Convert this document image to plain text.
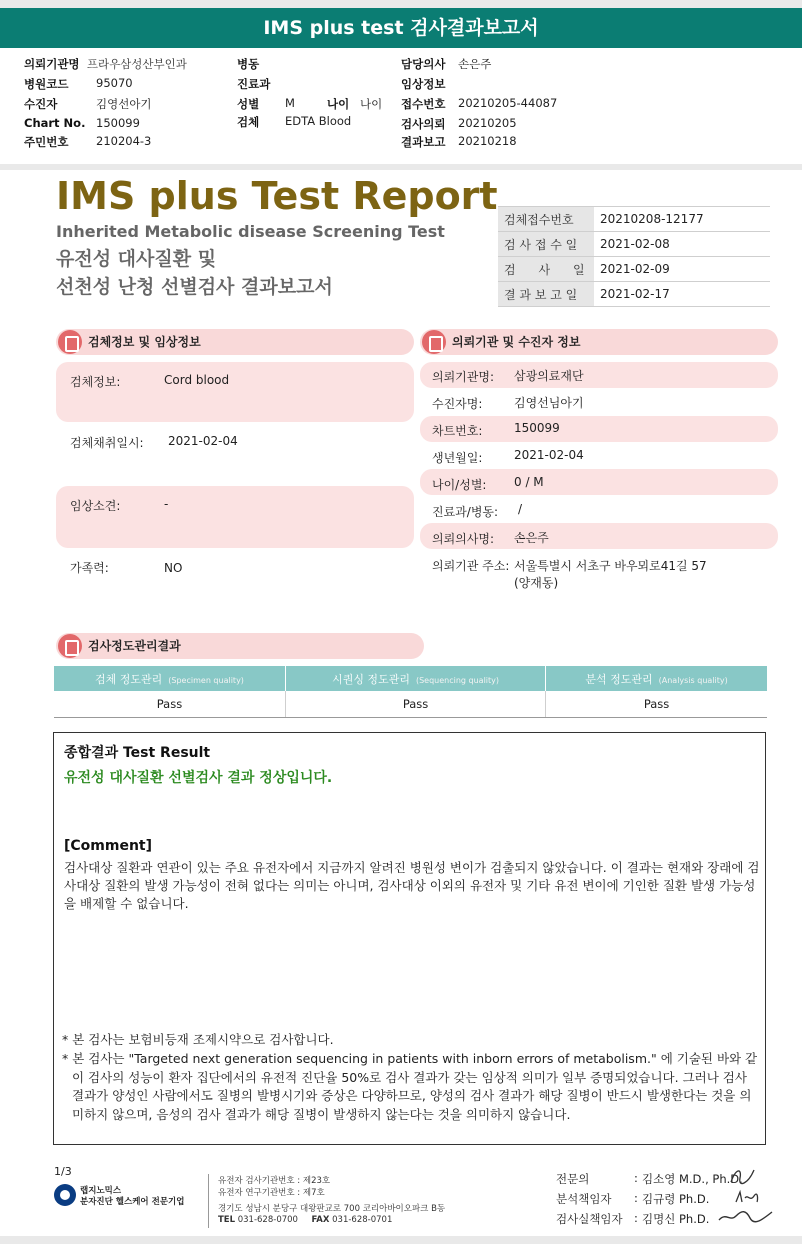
IMS plus test 검사결과보고서
의뢰기관명 프라우삼성산부인과
병원코드 95070
수진자	김영선아기
Chart No. 150099
주민번호 210204-3
병동
진료과
성별 M	나이 나이
검체 EDTA Blood
담당의사 손은주
임상정보
접수번호 20210205-44087
검사의뢰 20210205
결과보고 20210218
IMS plus Test Report
Inherited Metabolic disease Screening Test
유전성 대사질환 및
선천성 난청 선별검사 결과보고서
검체접수번호	20210208-12177
검 사 접 수 일	2021-02-08
검      사      일	2021-02-09
결 과 보 고 일	2021-02-17
검체정보 및 임상정보
검체정보:	Cord blood
검체채취일시: 2021-02-04
임상소견:	-
가족력:	NO
의뢰기관 및 수진자 정보
의뢰기관명: 삼광의료재단
수진자명:	김영선님아기
차트번호:	150099
생년월일:	2021-02-04
나이/성별: 0 / M
진료과/병동: /
의뢰의사명: 손은주
의뢰기관 주소: 서울특별시 서초구 바우뫼로41길 57
(양재동)
검사정도관리결과
검체 정도관리 (Specimen quality)	시퀀싱 정도관리 (Sequencing quality)	분석 정도관리 (Analysis quality)
Pass	Pass	Pass
종합결과 Test Result
유전성 대사질환 선별검사 결과 정상입니다.
[Comment]
검사대상 질환과 연관이 있는 주요 유전자에서 지금까지 알려진 병원성 변이가 검출되지 않았습니다. 이 결과는 현재와 장래에 검사대상 질환의 발생 가능성이 전혀 없다는 의미는 아니며, 검사대상 이외의 유전자 및 기타 유전 변이에 기인한 질환 발생 가능성을 배제할 수 없습니다.
* 본 검사는 보험비등재 조제시약으로 검사합니다.
* 본 검사는 "Targeted next generation sequencing in patients with inborn errors of metabolism." 에 기술된 바와 같이 검사의 성능이 환자 집단에서의 유전적 진단율 50%로 검사 결과가 갖는 임상적 의미가 일부 증명되었습니다. 그러나 검사 결과가 양성인 사람에서도 질병의 발병시기와 증상은 다양하므로, 양성의 검사 결과가 해당 질병이 반드시 발생한다는 것을 의미하지 않으며, 음성의 검사 결과가 해당 질병이 발생하지 않는다는 것을 의미하지 않습니다.
1/3
랩지노믹스
분자진단 헬스케어 전문기업
유전자 검사기관번호 : 제23호
유전자 연구기관번호 : 제7호
경기도 성남시 분당구 대왕판교로 700 코리아바이오파크 B동
TEL 031-628-0700 FAX 031-628-0701
전문의	: 김소영 M.D., Ph.D.
분석책임자 : 김규령 Ph.D.
검사실책임자 : 김명신 Ph.D.
